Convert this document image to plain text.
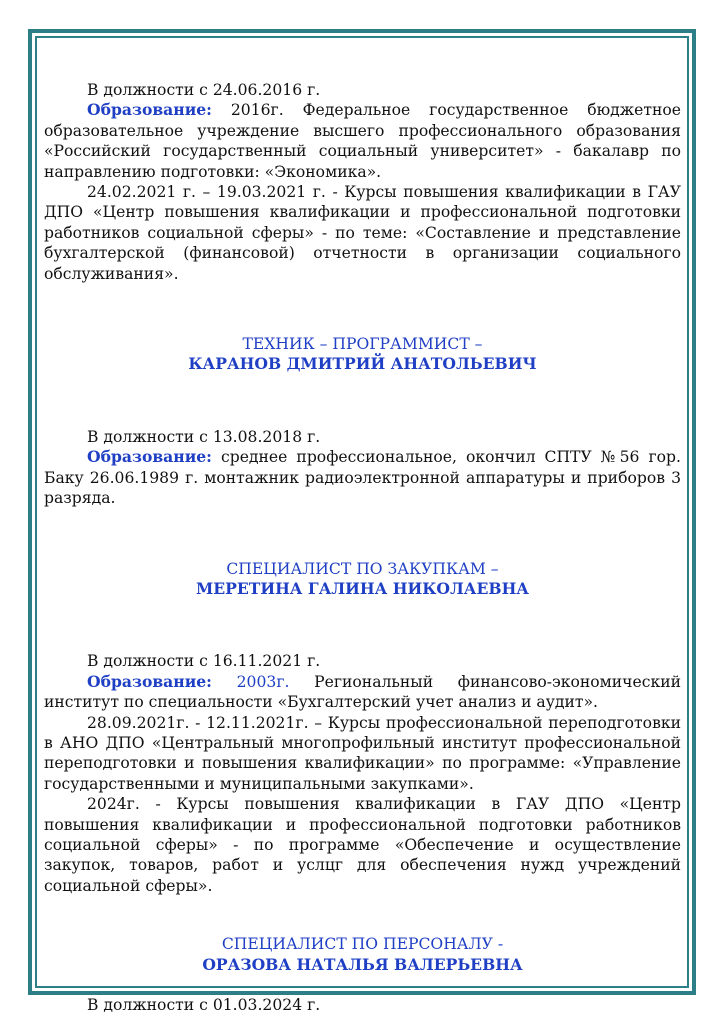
В должности с 24.06.2016 г.

Образование: 2016г. Федеральное государственное бюджетное образовательное учреждение высшего профессионального образования «Российский государственный социальный университет» - бакалавр по направлению подготовки: «Экономика».

24.02.2021 г. – 19.03.2021 г. - Курсы повышения квалификации в ГАУ ДПО «Центр повышения квалификации и профессиональной подготовки работников социальной сферы» - по теме: «Составление и представление бухгалтерской (финансовой) отчетности в организации социального обслуживания».

ТЕХНИК – ПРОГРАММИСТ –
КАРАНОВ ДМИТРИЙ АНАТОЛЬЕВИЧ

В должности с 13.08.2018 г.

Образование: среднее профессиональное, окончил СПТУ №56 гор. Баку 26.06.1989 г. монтажник радиоэлектронной аппаратуры и приборов 3 разряда.

СПЕЦИАЛИСТ ПО ЗАКУПКАМ –
МЕРЕТИНА ГАЛИНА НИКОЛАЕВНА

В должности с 16.11.2021 г.

Образование: 2003г. Региональный финансово-экономический институт по специальности «Бухгалтерский учет анализ и аудит».

28.09.2021г. - 12.11.2021г. – Курсы профессиональной переподготовки в АНО ДПО «Центральный многопрофильный институт профессиональной переподготовки и повышения квалификации» по программе: «Управление государственными и муниципальными закупками».

2024г. - Курсы повышения квалификации в ГАУ ДПО «Центр повышения квалификации и профессиональной подготовки работников социальной сферы» - по программе «Обеспечение и осуществление закупок, товаров, работ и услцг для обеспечения нужд учреждений социальной сферы».

СПЕЦИАЛИСТ ПО ПЕРСОНАЛУ -
ОРАЗОВА НАТАЛЬЯ ВАЛЕРЬЕВНА

В должности с 01.03.2024 г.
